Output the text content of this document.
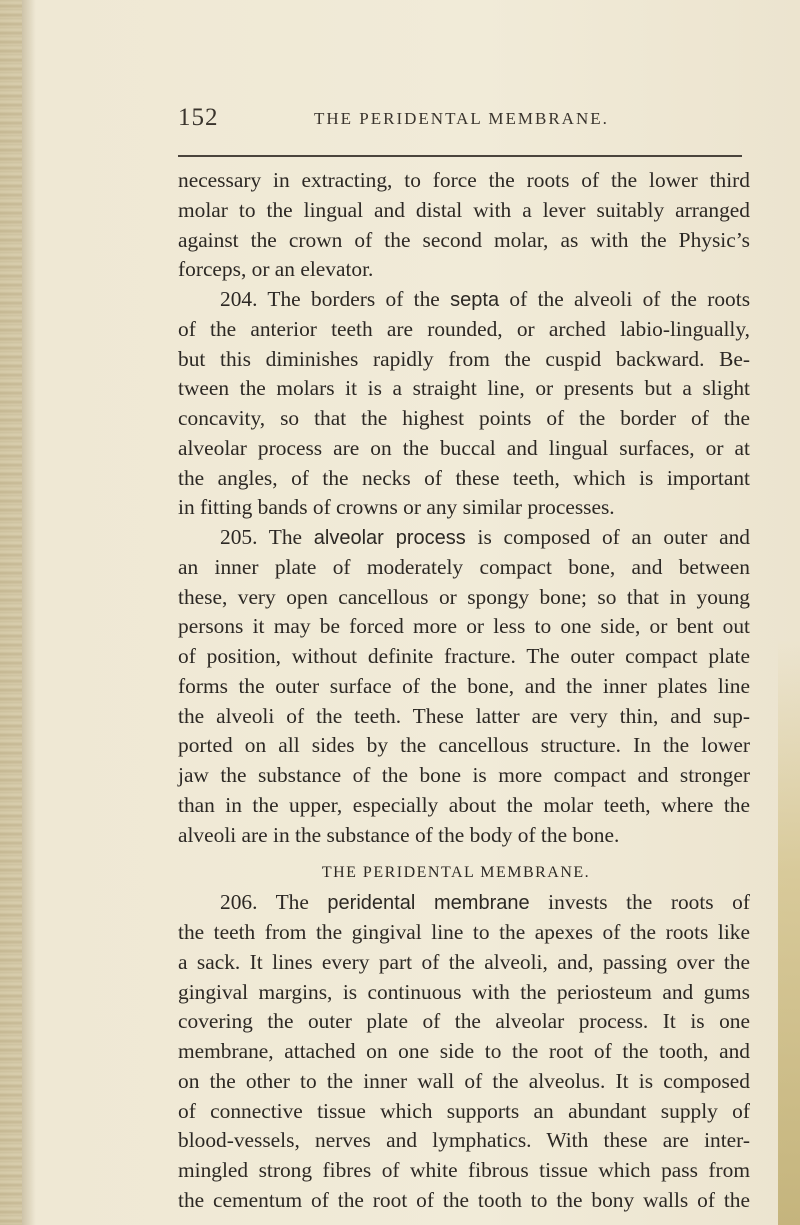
152	THE PERIDENTAL MEMBRANE.
necessary in extracting, to force the roots of the lower third
molar to the lingual and distal with a lever suitably arranged
against the crown of the second molar, as with the Physic’s
forceps, or an elevator.
204. The borders of the septa of the alveoli of the roots
of the anterior teeth are rounded, or arched labio-lingually,
but this diminishes rapidly from the cuspid backward. Be-
tween the molars it is a straight line, or presents but a slight
concavity, so that the highest points of the border of the
alveolar process are on the buccal and lingual surfaces, or at
the angles, of the necks of these teeth, which is important
in fitting bands of crowns or any similar processes.
205. The alveolar process is composed of an outer and
an inner plate of moderately compact bone, and between
these, very open cancellous or spongy bone; so that in young
persons it may be forced more or less to one side, or bent out
of position, without definite fracture. The outer compact plate
forms the outer surface of the bone, and the inner plates line
the alveoli of the teeth. These latter are very thin, and sup-
ported on all sides by the cancellous structure. In the lower
jaw the substance of the bone is more compact and stronger
than in the upper, especially about the molar teeth, where the
alveoli are in the substance of the body of the bone.
THE PERIDENTAL MEMBRANE.
206. The peridental membrane invests the roots of
the teeth from the gingival line to the apexes of the roots like
a sack. It lines every part of the alveoli, and, passing over the
gingival margins, is continuous with the periosteum and gums
covering the outer plate of the alveolar process. It is one
membrane, attached on one side to the root of the tooth, and
on the other to the inner wall of the alveolus. It is composed
of connective tissue which supports an abundant supply of
blood-vessels, nerves and lymphatics. With these are inter-
mingled strong fibres of white fibrous tissue which pass from
the cementum of the root of the tooth to the bony walls of the
